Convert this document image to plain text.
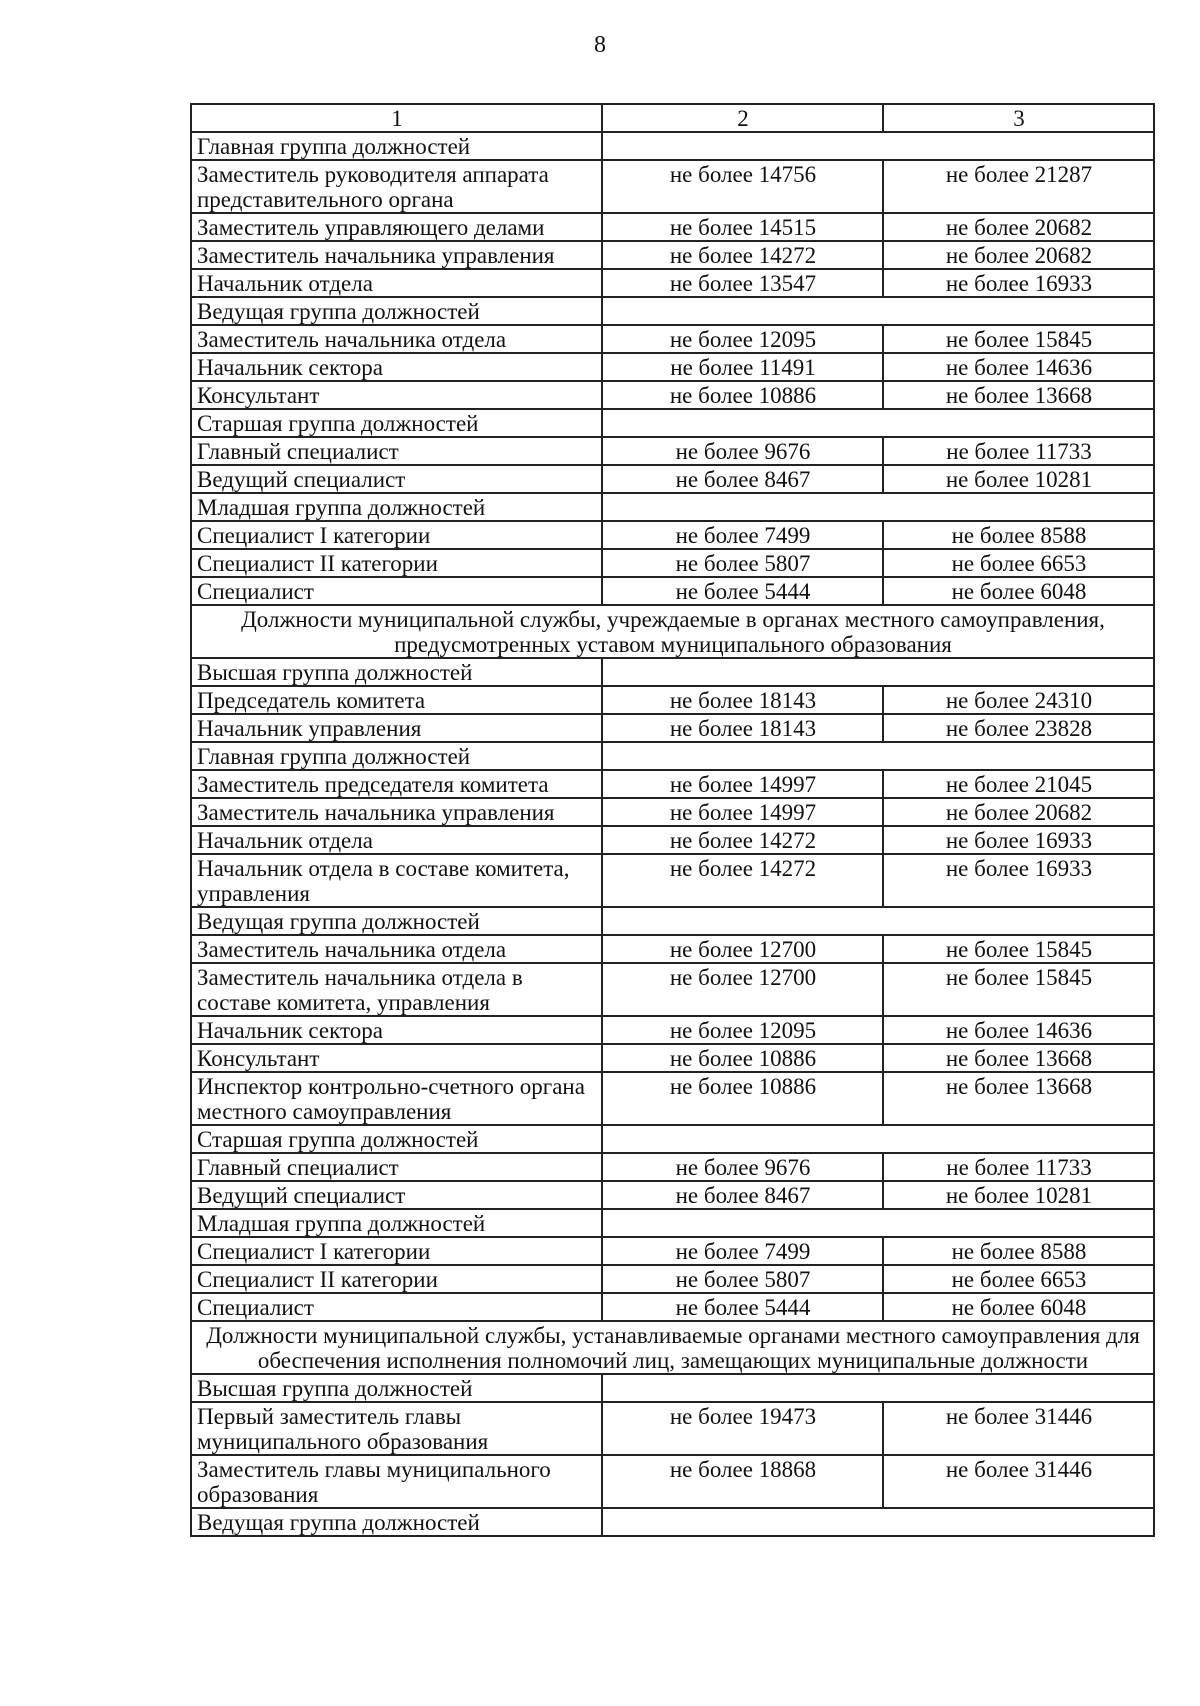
8
1	2	3
Главная группа должностей		
Заместитель руководителя аппарата представительного органа	не более 14756	не более 21287
Заместитель управляющего делами	не более 14515	не более 20682
Заместитель начальника управления	не более 14272	не более 20682
Начальник отдела	не более 13547	не более 16933
Ведущая группа должностей		
Заместитель начальника отдела	не более 12095	не более 15845
Начальник сектора	не более 11491	не более 14636
Консультант	не более 10886	не более 13668
Старшая группа должностей		
Главный специалист	не более 9676	не более 11733
Ведущий специалист	не более 8467	не более 10281
Младшая группа должностей		
Специалист I категории	не более 7499	не более 8588
Специалист II категории	не более 5807	не более 6653
Специалист	не более 5444	не более 6048
Должности муниципальной службы, учреждаемые в органах местного самоуправления, предусмотренных уставом муниципального образования		
Высшая группа должностей		
Председатель комитета	не более 18143	не более 24310
Начальник управления	не более 18143	не более 23828
Главная группа должностей		
Заместитель председателя комитета	не более 14997	не более 21045
Заместитель начальника управления	не более 14997	не более 20682
Начальник отдела	не более 14272	не более 16933
Начальник отдела в составе комитета, управления	не более 14272	не более 16933
Ведущая группа должностей		
Заместитель начальника отдела	не более 12700	не более 15845
Заместитель начальника отдела в составе комитета, управления	не более 12700	не более 15845
Начальник сектора	не более 12095	не более 14636
Консультант	не более 10886	не более 13668
Инспектор контрольно-счетного органа местного самоуправления	не более 10886	не более 13668
Старшая группа должностей		
Главный специалист	не более 9676	не более 11733
Ведущий специалист	не более 8467	не более 10281
Младшая группа должностей		
Специалист I категории	не более 7499	не более 8588
Специалист II категории	не более 5807	не более 6653
Специалист	не более 5444	не более 6048
Должности муниципальной службы, устанавливаемые органами местного самоуправления для обеспечения исполнения полномочий лиц, замещающих муниципальные должности		
Высшая группа должностей		
Первый заместитель главы муниципального образования	не более 19473	не более 31446
Заместитель главы муниципального образования	не более 18868	не более 31446
Ведущая группа должностей		
